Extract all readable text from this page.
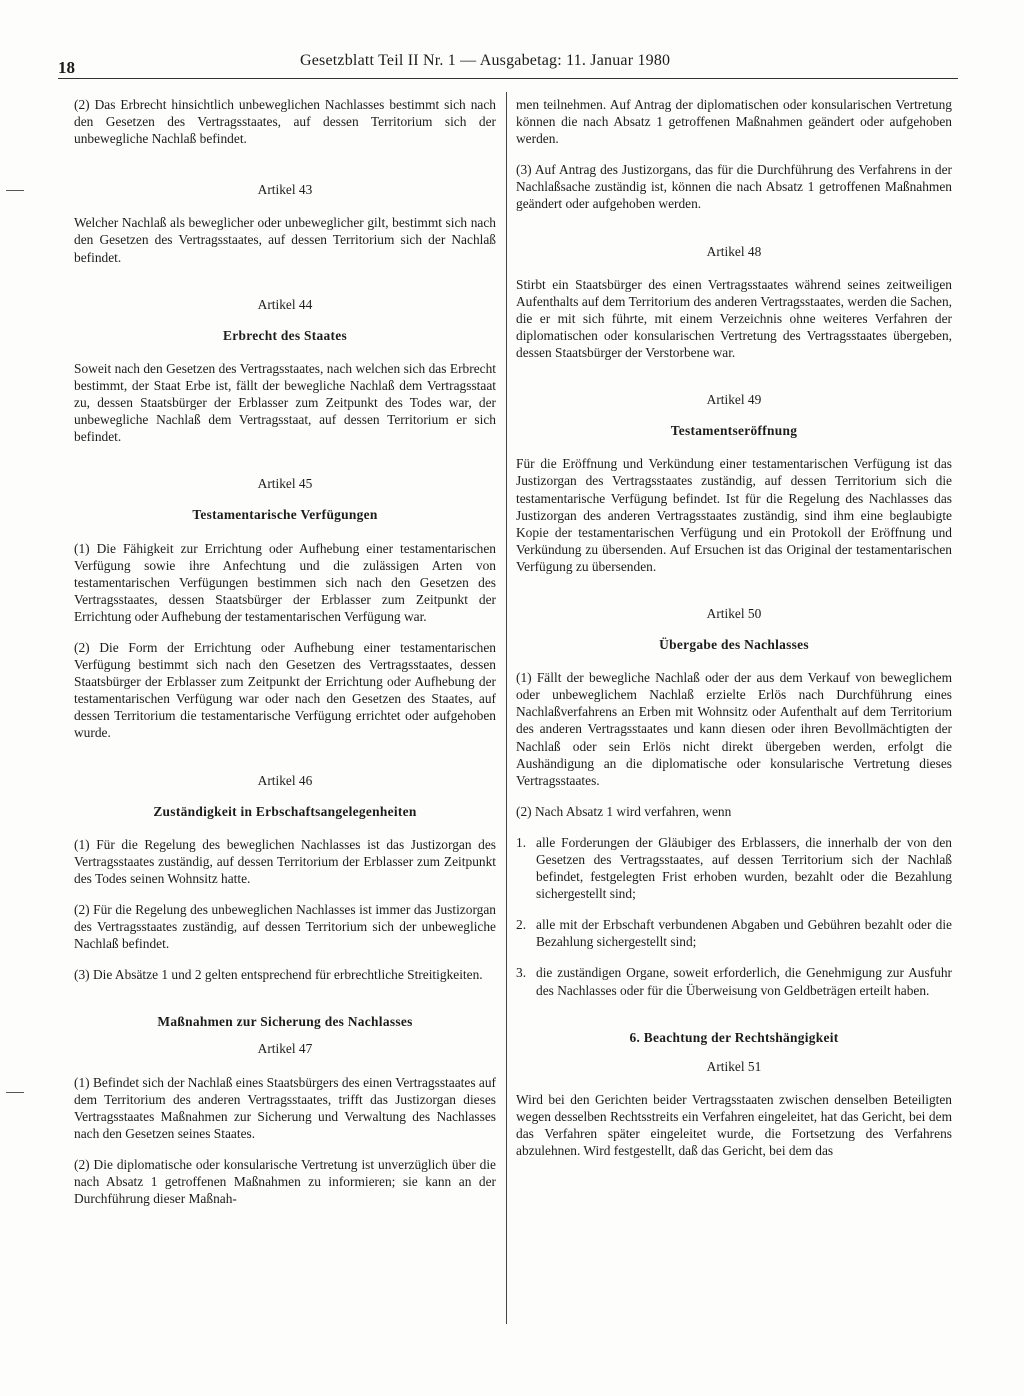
18	Gesetzblatt Teil II Nr. 1 — Ausgabetag: 11. Januar 1980

(2) Das Erbrecht hinsichtlich unbeweglichen Nachlasses bestimmt sich nach den Gesetzen des Vertragsstaates, auf dessen Territorium sich der unbewegliche Nachlaß befindet.

Artikel 43

Welcher Nachlaß als beweglicher oder unbeweglicher gilt, bestimmt sich nach den Gesetzen des Vertragsstaates, auf dessen Territorium sich der Nachlaß befindet.

Artikel 44

Erbrecht des Staates

Soweit nach den Gesetzen des Vertragsstaates, nach welchen sich das Erbrecht bestimmt, der Staat Erbe ist, fällt der bewegliche Nachlaß dem Vertragsstaat zu, dessen Staatsbürger der Erblasser zum Zeitpunkt des Todes war, der unbewegliche Nachlaß dem Vertragsstaat, auf dessen Territorium er sich befindet.

Artikel 45

Testamentarische Verfügungen

(1) Die Fähigkeit zur Errichtung oder Aufhebung einer testamentarischen Verfügung sowie ihre Anfechtung und die zulässigen Arten von testamentarischen Verfügungen bestimmen sich nach den Gesetzen des Vertragsstaates, dessen Staatsbürger der Erblasser zum Zeitpunkt der Errichtung oder Aufhebung der testamentarischen Verfügung war.

(2) Die Form der Errichtung oder Aufhebung einer testamentarischen Verfügung bestimmt sich nach den Gesetzen des Vertragsstaates, dessen Staatsbürger der Erblasser zum Zeitpunkt der Errichtung oder Aufhebung der testamentarischen Verfügung war oder nach den Gesetzen des Staates, auf dessen Territorium die testamentarische Verfügung errichtet oder aufgehoben wurde.

Artikel 46

Zuständigkeit in Erbschaftsangelegenheiten

(1) Für die Regelung des beweglichen Nachlasses ist das Justizorgan des Vertragsstaates zuständig, auf dessen Territorium der Erblasser zum Zeitpunkt des Todes seinen Wohnsitz hatte.

(2) Für die Regelung des unbeweglichen Nachlasses ist immer das Justizorgan des Vertragsstaates zuständig, auf dessen Territorium sich der unbewegliche Nachlaß befindet.

(3) Die Absätze 1 und 2 gelten entsprechend für erbrechtliche Streitigkeiten.

Maßnahmen zur Sicherung des Nachlasses

Artikel 47

(1) Befindet sich der Nachlaß eines Staatsbürgers des einen Vertragsstaates auf dem Territorium des anderen Vertragsstaates, trifft das Justizorgan dieses Vertragsstaates Maßnahmen zur Sicherung und Verwaltung des Nachlasses nach den Gesetzen seines Staates.

(2) Die diplomatische oder konsularische Vertretung ist unverzüglich über die nach Absatz 1 getroffenen Maßnahmen zu informieren; sie kann an der Durchführung dieser Maßnah-

men teilnehmen. Auf Antrag der diplomatischen oder konsularischen Vertretung können die nach Absatz 1 getroffenen Maßnahmen geändert oder aufgehoben werden.

(3) Auf Antrag des Justizorgans, das für die Durchführung des Verfahrens in der Nachlaßsache zuständig ist, können die nach Absatz 1 getroffenen Maßnahmen geändert oder aufgehoben werden.

Artikel 48

Stirbt ein Staatsbürger des einen Vertragsstaates während seines zeitweiligen Aufenthalts auf dem Territorium des anderen Vertragsstaates, werden die Sachen, die er mit sich führte, mit einem Verzeichnis ohne weiteres Verfahren der diplomatischen oder konsularischen Vertretung des Vertragsstaates übergeben, dessen Staatsbürger der Verstorbene war.

Artikel 49

Testamentseröffnung

Für die Eröffnung und Verkündung einer testamentarischen Verfügung ist das Justizorgan des Vertragsstaates zuständig, auf dessen Territorium sich die testamentarische Verfügung befindet. Ist für die Regelung des Nachlasses das Justizorgan des anderen Vertragsstaates zuständig, sind ihm eine beglaubigte Kopie der testamentarischen Verfügung und ein Protokoll der Eröffnung und Verkündung zu übersenden. Auf Ersuchen ist das Original der testamentarischen Verfügung zu übersenden.

Artikel 50

Übergabe des Nachlasses

(1) Fällt der bewegliche Nachlaß oder der aus dem Verkauf von beweglichem oder unbeweglichem Nachlaß erzielte Erlös nach Durchführung eines Nachlaßverfahrens an Erben mit Wohnsitz oder Aufenthalt auf dem Territorium des anderen Vertragsstaates und kann diesen oder ihren Bevollmächtigten der Nachlaß oder sein Erlös nicht direkt übergeben werden, erfolgt die Aushändigung an die diplomatische oder konsularische Vertretung dieses Vertragsstaates.

(2) Nach Absatz 1 wird verfahren, wenn

1. alle Forderungen der Gläubiger des Erblassers, die innerhalb der von den Gesetzen des Vertragsstaates, auf dessen Territorium sich der Nachlaß befindet, festgelegten Frist erhoben wurden, bezahlt oder die Bezahlung sichergestellt sind;
2. alle mit der Erbschaft verbundenen Abgaben und Gebühren bezahlt oder die Bezahlung sichergestellt sind;
3. die zuständigen Organe, soweit erforderlich, die Genehmigung zur Ausfuhr des Nachlasses oder für die Überweisung von Geldbeträgen erteilt haben.

6. Beachtung der Rechtshängigkeit

Artikel 51

Wird bei den Gerichten beider Vertragsstaaten zwischen denselben Beteiligten wegen desselben Rechtsstreits ein Verfahren eingeleitet, hat das Gericht, bei dem das Verfahren später eingeleitet wurde, die Fortsetzung des Verfahrens abzulehnen. Wird festgestellt, daß das Gericht, bei dem das
